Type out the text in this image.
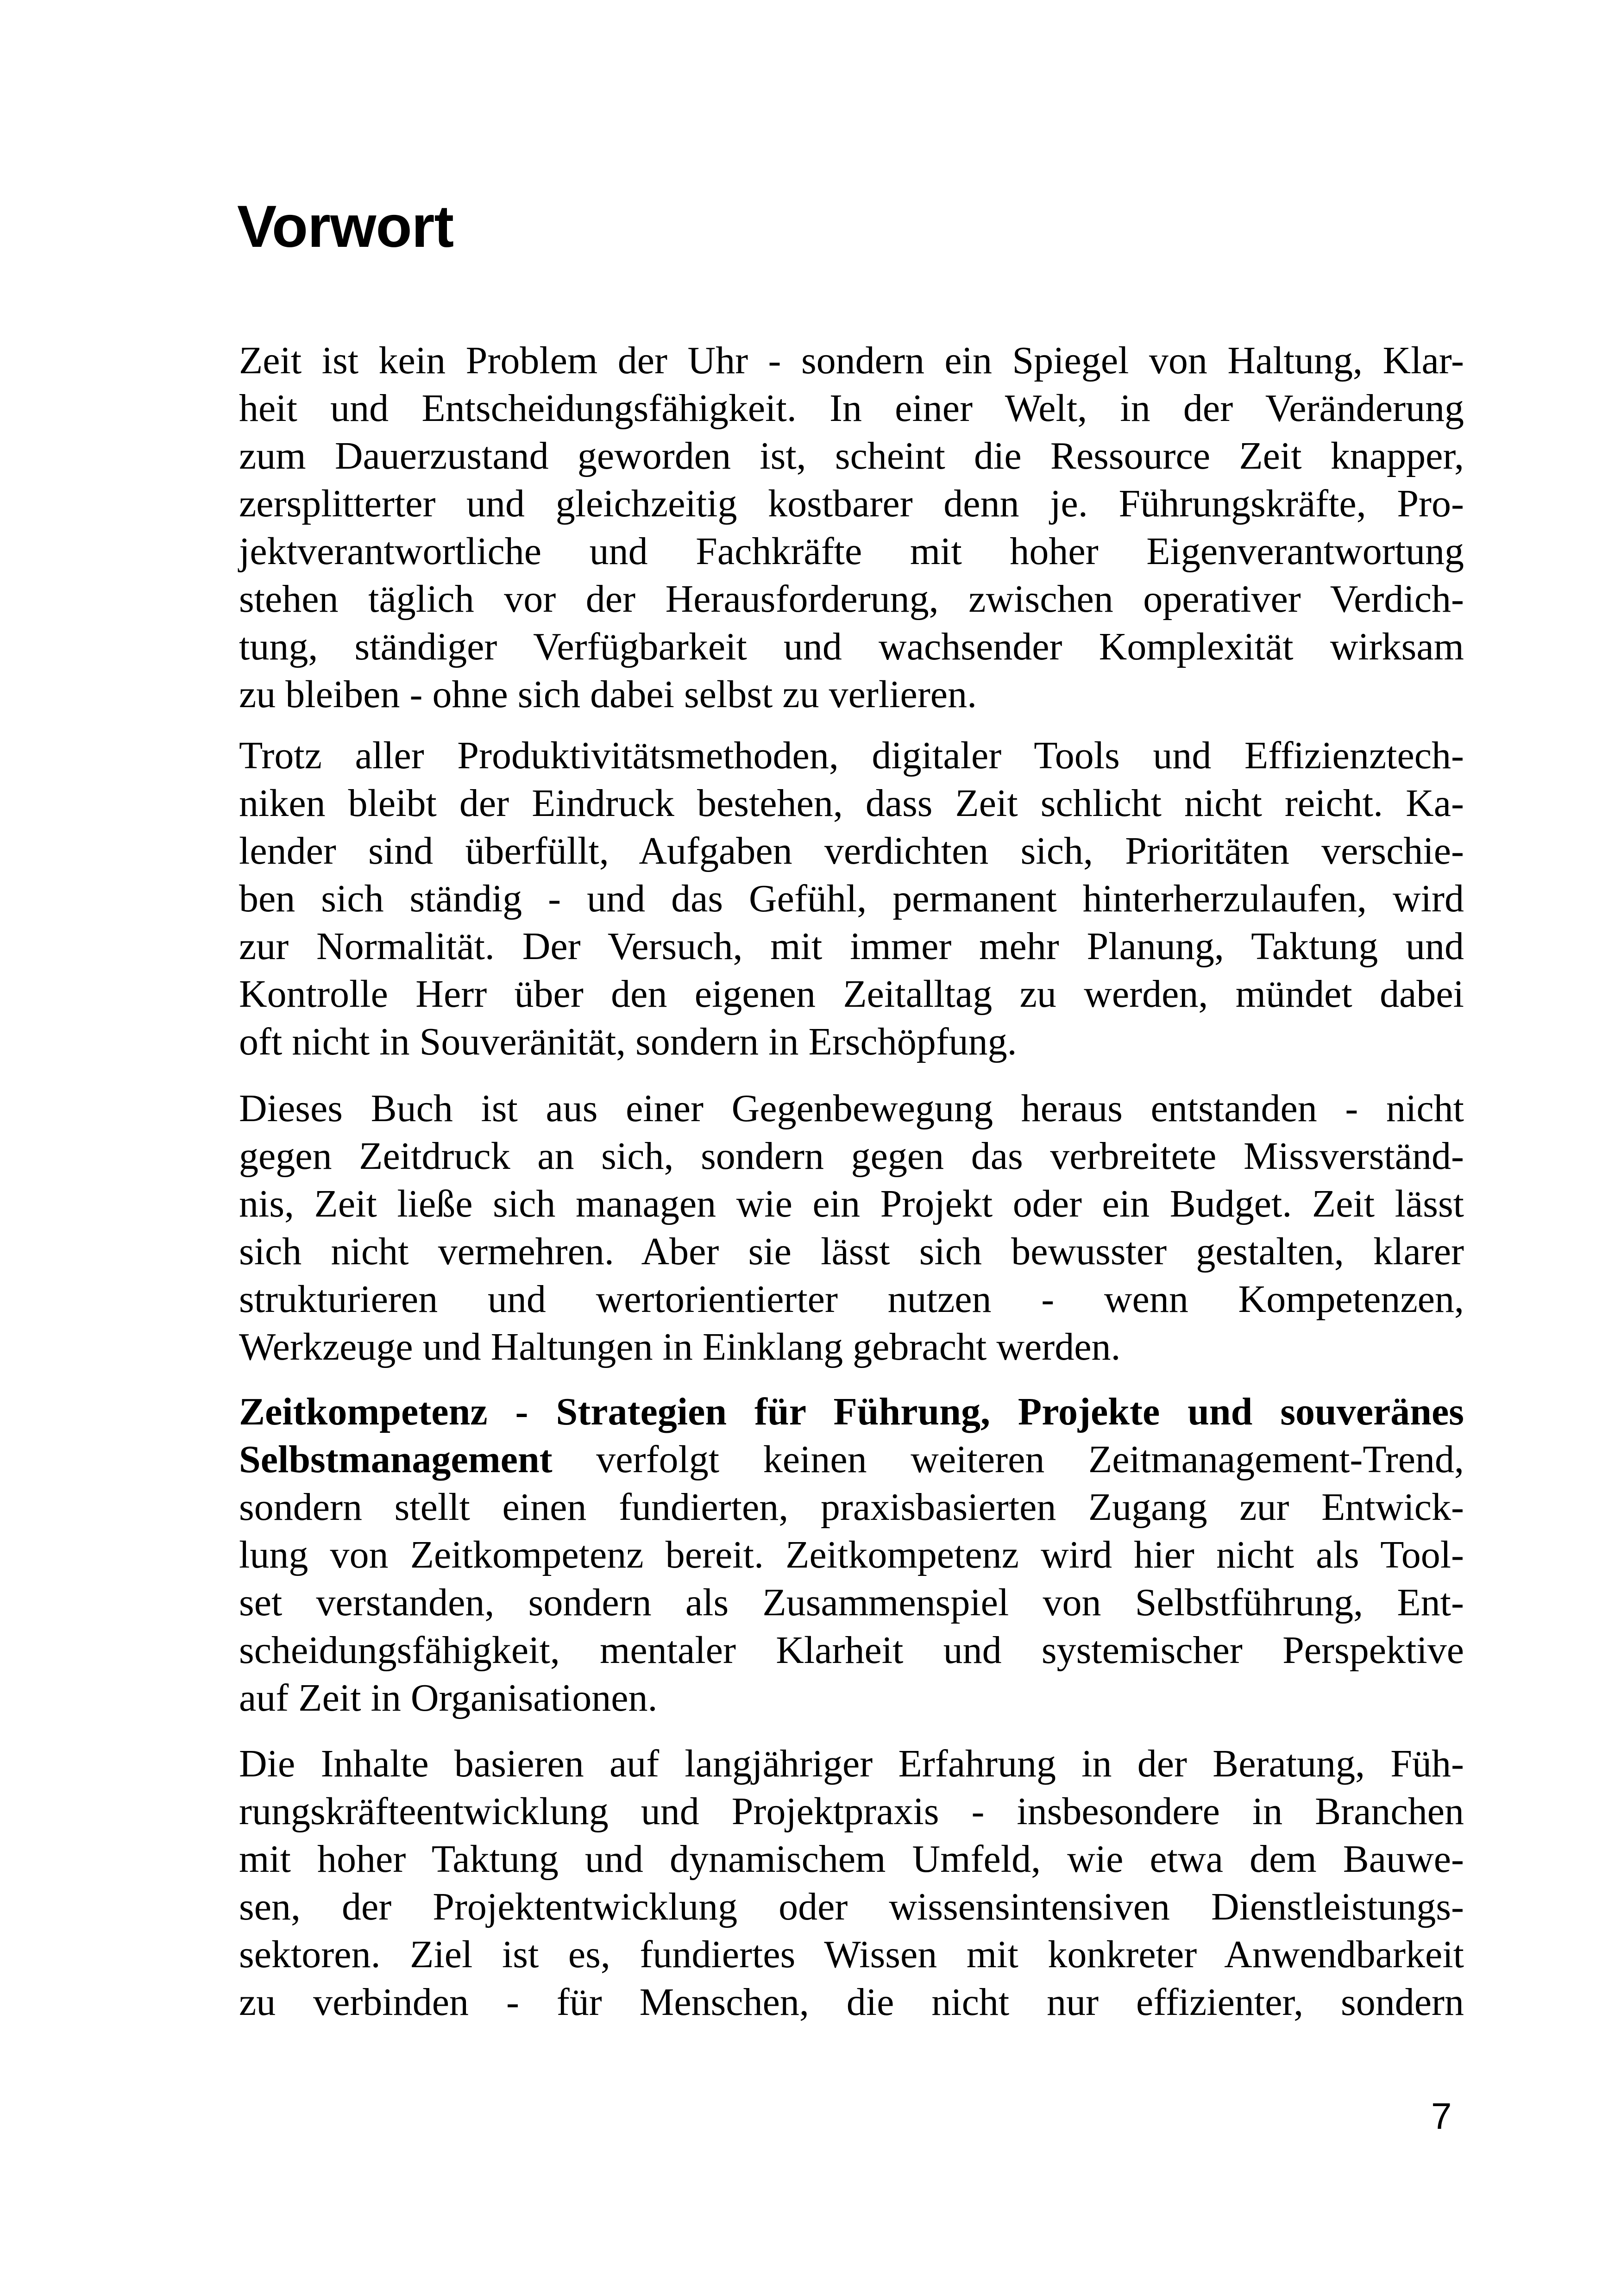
Vorwort
Zeit ist kein Problem der Uhr - sondern ein Spiegel von Haltung, Klar-
heit und Entscheidungsfähigkeit. In einer Welt, in der Veränderung
zum Dauerzustand geworden ist, scheint die Ressource Zeit knapper,
zersplitterter und gleichzeitig kostbarer denn je. Führungskräfte, Pro-
jektverantwortliche und Fachkräfte mit hoher Eigenverantwortung
stehen täglich vor der Herausforderung, zwischen operativer Verdich-
tung, ständiger Verfügbarkeit und wachsender Komplexität wirksam
zu bleiben - ohne sich dabei selbst zu verlieren.
Trotz aller Produktivitätsmethoden, digitaler Tools und Effizienztech-
niken bleibt der Eindruck bestehen, dass Zeit schlicht nicht reicht. Ka-
lender sind überfüllt, Aufgaben verdichten sich, Prioritäten verschie-
ben sich ständig - und das Gefühl, permanent hinterherzulaufen, wird
zur Normalität. Der Versuch, mit immer mehr Planung, Taktung und
Kontrolle Herr über den eigenen Zeitalltag zu werden, mündet dabei
oft nicht in Souveränität, sondern in Erschöpfung.
Dieses Buch ist aus einer Gegenbewegung heraus entstanden - nicht
gegen Zeitdruck an sich, sondern gegen das verbreitete Missverständ-
nis, Zeit ließe sich managen wie ein Projekt oder ein Budget. Zeit lässt
sich nicht vermehren. Aber sie lässt sich bewusster gestalten, klarer
strukturieren und wertorientierter nutzen - wenn Kompetenzen,
Werkzeuge und Haltungen in Einklang gebracht werden.
Zeitkompetenz - Strategien für Führung, Projekte und souveränes
Selbstmanagement verfolgt keinen weiteren Zeitmanagement-Trend,
sondern stellt einen fundierten, praxisbasierten Zugang zur Entwick-
lung von Zeitkompetenz bereit. Zeitkompetenz wird hier nicht als Tool-
set verstanden, sondern als Zusammenspiel von Selbstführung, Ent-
scheidungsfähigkeit, mentaler Klarheit und systemischer Perspektive
auf Zeit in Organisationen.
Die Inhalte basieren auf langjähriger Erfahrung in der Beratung, Füh-
rungskräfteentwicklung und Projektpraxis - insbesondere in Branchen
mit hoher Taktung und dynamischem Umfeld, wie etwa dem Bauwe-
sen, der Projektentwicklung oder wissensintensiven Dienstleistungs-
sektoren. Ziel ist es, fundiertes Wissen mit konkreter Anwendbarkeit
zu verbinden - für Menschen, die nicht nur effizienter, sondern
7
